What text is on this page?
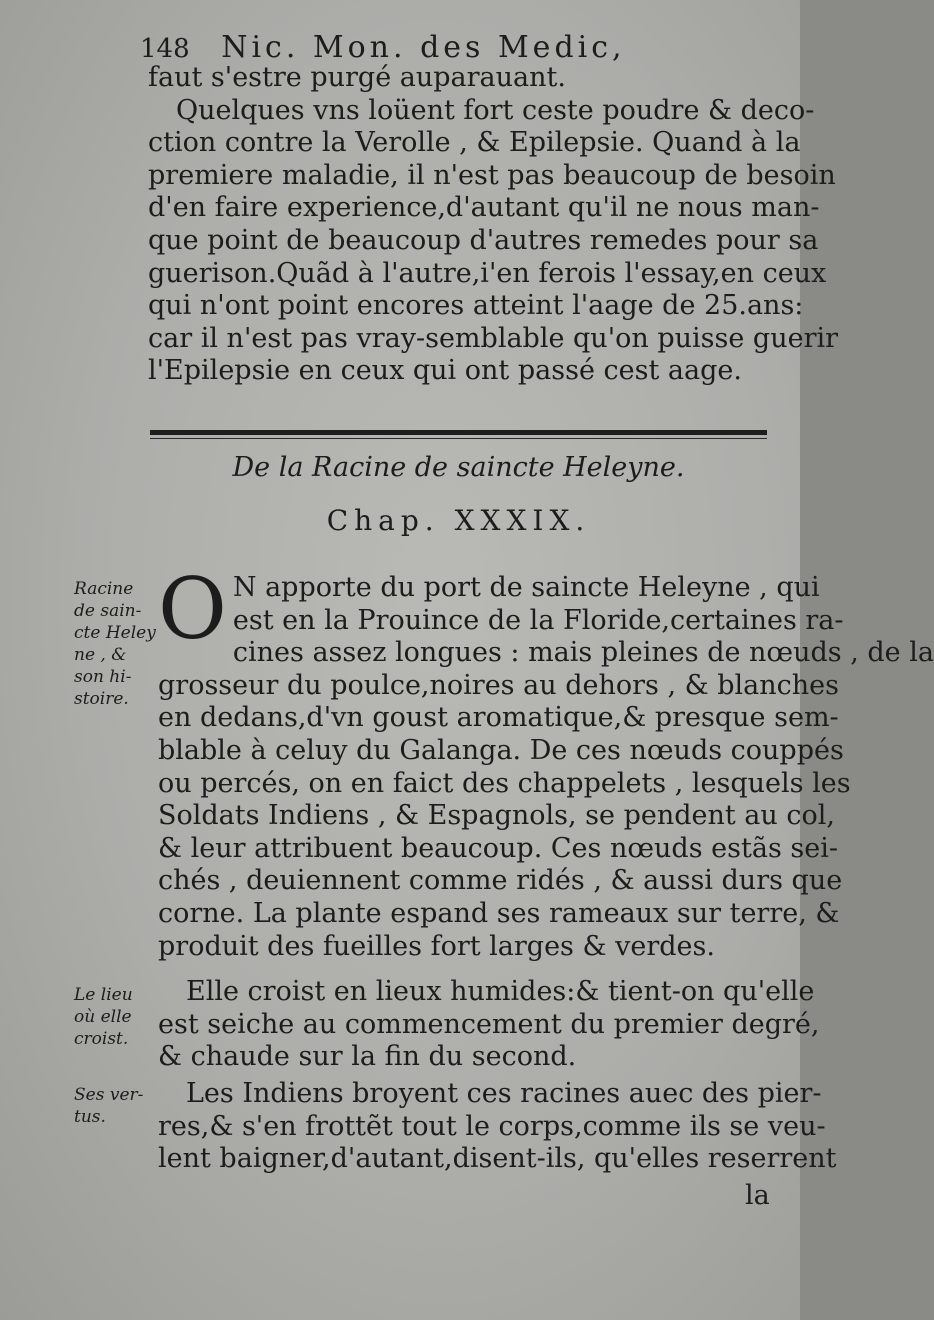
148 Nic. Mon. des Medic,
faut s'estre purgé auparauant.
Quelques vns loüent fort ceste poudre & deco-
ction contre la Verolle , & Epilepsie. Quand à la
premiere maladie, il n'est pas beaucoup de besoin
d'en faire experience,d'autant qu'il ne nous man-
que point de beaucoup d'autres remedes pour sa
guerison.Quãd à l'autre,i'en ferois l'essay,en ceux
qui n'ont point encores atteint l'aage de 25.ans:
car il n'est pas vray-semblable qu'on puisse guerir
l'Epilepsie en ceux qui ont passé cest aage.
De la Racine de saincte Heleyne.
Chap. XXXIX.
Racine
de sain-
cte Heley
ne , &
son hi-
stoire.
O N apporte du port de saincte Heleyne , qui
est en la Prouince de la Floride,certaines ra-
cines assez longues : mais pleines de nœuds , de la
grosseur du poulce,noires au dehors , & blanches
en dedans,d'vn goust aromatique,& presque sem-
blable à celuy du Galanga. De ces nœuds couppés
ou percés, on en faict des chappelets , lesquels les
Soldats Indiens , & Espagnols, se pendent au col,
& leur attribuent beaucoup. Ces nœuds estãs sei-
chés , deuiennent comme ridés , & aussi durs que
corne. La plante espand ses rameaux sur terre, &
produit des fueilles fort larges & verdes.
Le lieu
où elle
croist.
Elle croist en lieux humides:& tient-on qu'elle
est seiche au commencement du premier degré,
& chaude sur la fin du second.
Ses ver-
tus.
Les Indiens broyent ces racines auec des pier-
res,& s'en frottẽt tout le corps,comme ils se veu-
lent baigner,d'autant,disent-ils, qu'elles reserrent
la
